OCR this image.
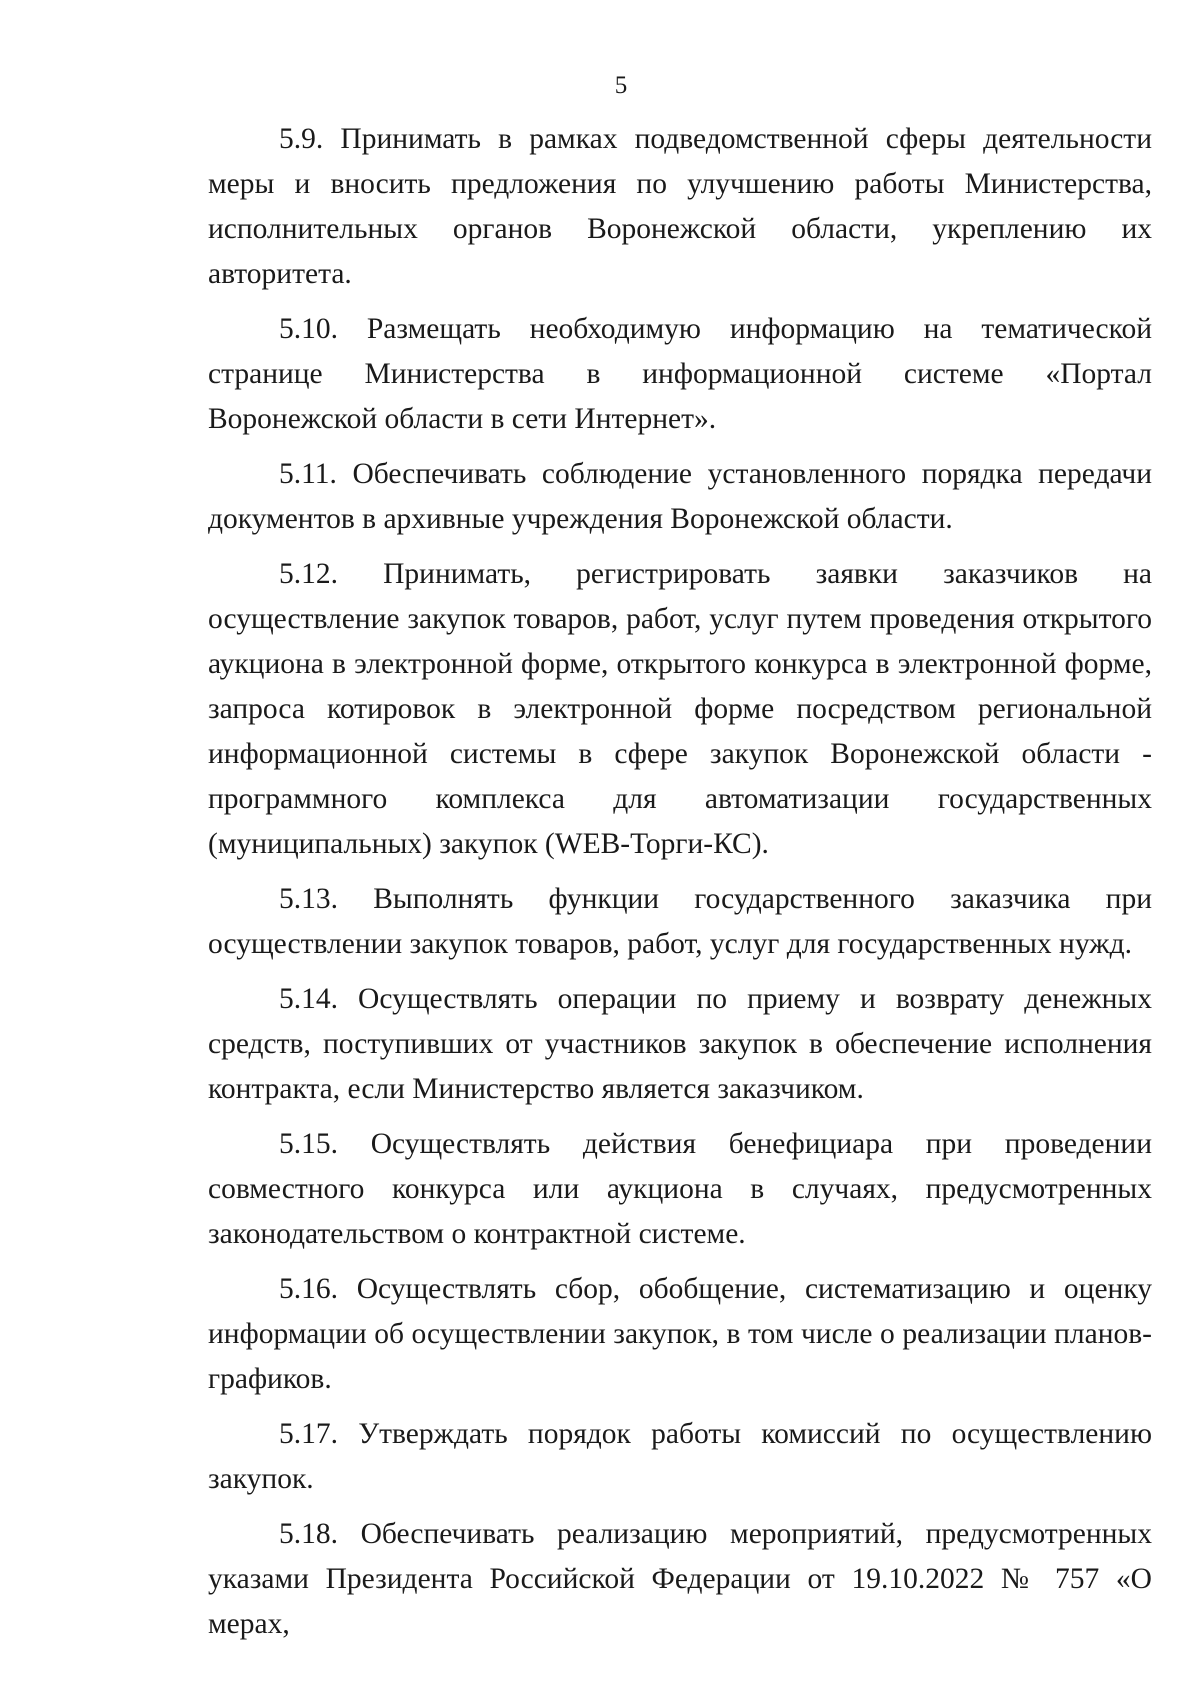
5

5.9. Принимать в рамках подведомственной сферы деятельности меры и вносить предложения по улучшению работы Министерства, исполнительных органов Воронежской области, укреплению их авторитета.

5.10. Размещать необходимую информацию на тематической странице Министерства в информационной системе «Портал Воронежской области в сети Интернет».

5.11. Обеспечивать соблюдение установленного порядка передачи документов в архивные учреждения Воронежской области.

5.12. Принимать, регистрировать заявки заказчиков на осуществление закупок товаров, работ, услуг путем проведения открытого аукциона в электронной форме, открытого конкурса в электронной форме, запроса котировок в электронной форме посредством региональной информационной системы в сфере закупок Воронежской области - программного комплекса для автоматизации государственных (муниципальных) закупок (WEB-Торги-КС).

5.13. Выполнять функции государственного заказчика при осуществлении закупок товаров, работ, услуг для государственных нужд.

5.14. Осуществлять операции по приему и возврату денежных средств, поступивших от участников закупок в обеспечение исполнения контракта, если Министерство является заказчиком.

5.15. Осуществлять действия бенефициара при проведении совместного конкурса или аукциона в случаях, предусмотренных законодательством о контрактной системе.

5.16. Осуществлять сбор, обобщение, систематизацию и оценку информации об осуществлении закупок, в том числе о реализации планов-графиков.

5.17. Утверждать порядок работы комиссий по осуществлению закупок.

5.18. Обеспечивать реализацию мероприятий, предусмотренных указами Президента Российской Федерации от 19.10.2022 № 757 «О мерах,
